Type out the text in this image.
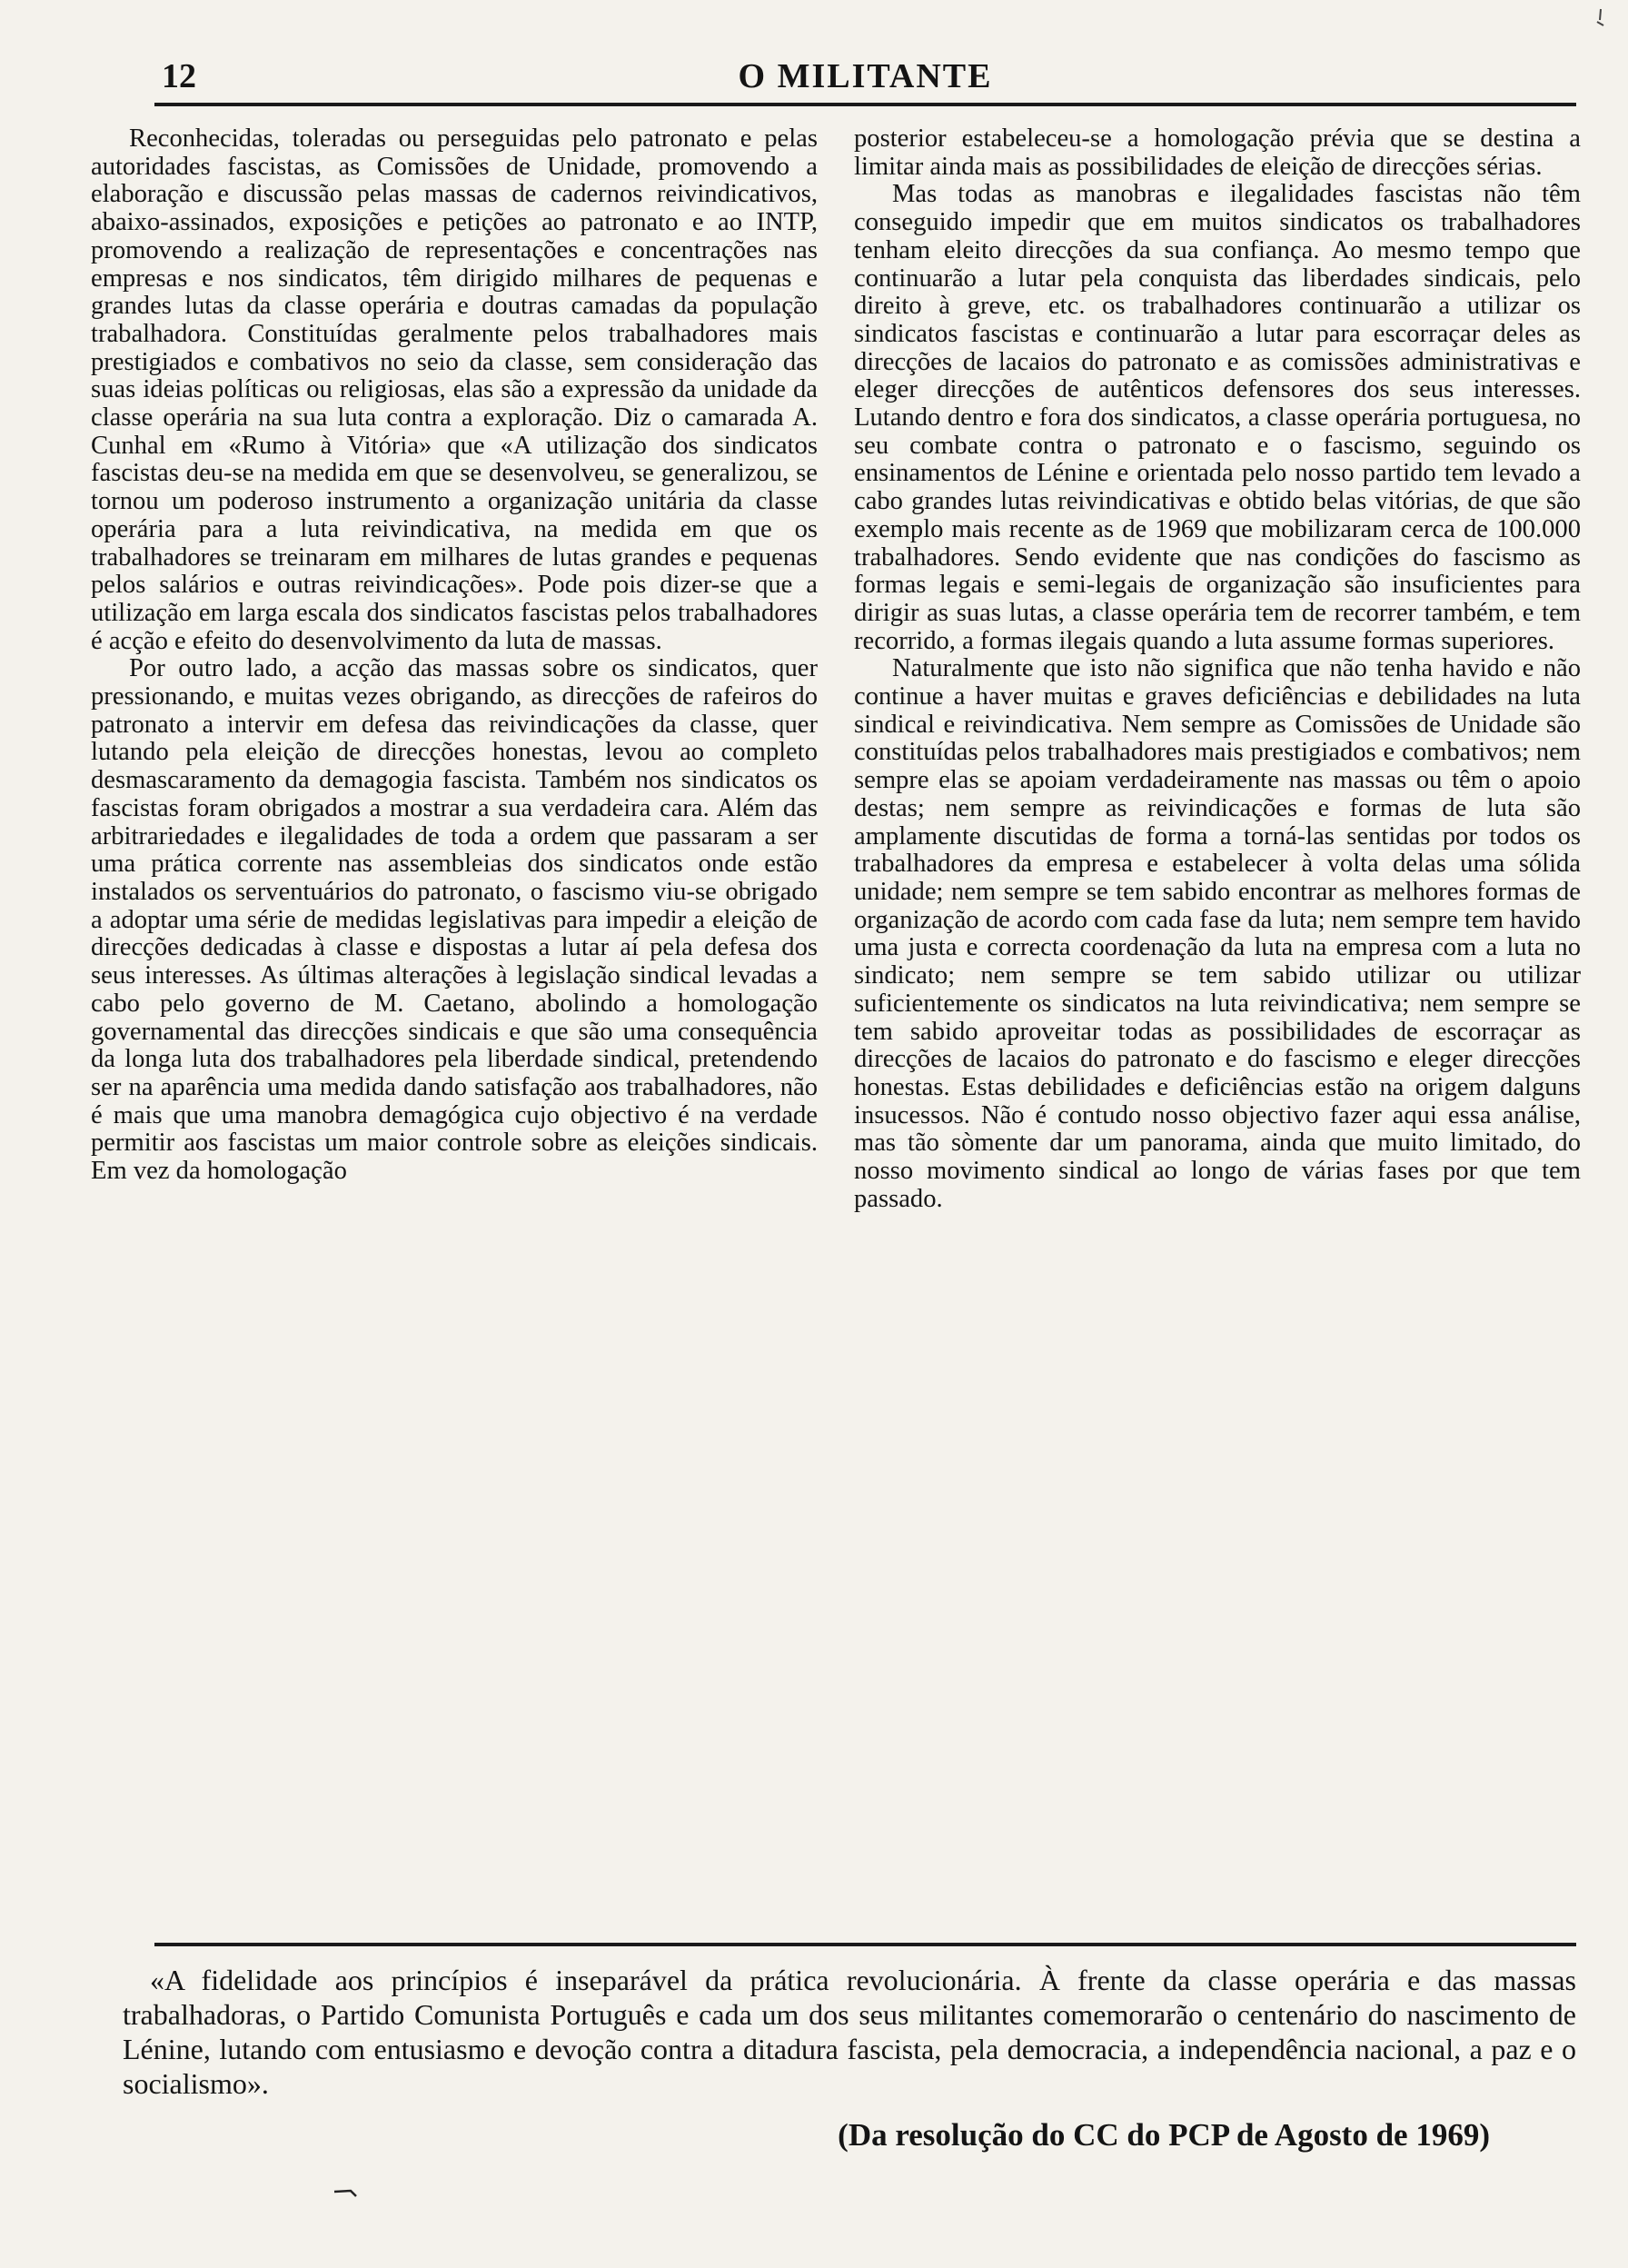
12	O MILITANTE

Reconhecidas, toleradas ou perseguidas pelo patronato e pelas autoridades fascistas, as Comissões de Unidade, promovendo a elaboração e discussão pelas massas de cadernos reivindicativos, abaixo-assinados, exposições e petições ao patronato e ao INTP, promovendo a realização de representações e concentrações nas empresas e nos sindicatos, têm dirigido milhares de pequenas e grandes lutas da classe operária e doutras camadas da população trabalhadora. Constituídas geralmente pelos trabalhadores mais prestigiados e combativos no seio da classe, sem consideração das suas ideias políticas ou religiosas, elas são a expressão da unidade da classe operária na sua luta contra a exploração. Diz o camarada A. Cunhal em «Rumo à Vitória» que «A utilização dos sindicatos fascistas deu-se na medida em que se desenvolveu, se generalizou, se tornou um poderoso instrumento a organização unitária da classe operária para a luta reivindicativa, na medida em que os trabalhadores se treinaram em milhares de lutas grandes e pequenas pelos salários e outras reivindicações». Pode pois dizer-se que a utilização em larga escala dos sindicatos fascistas pelos trabalhadores é acção e efeito do desenvolvimento da luta de massas.

Por outro lado, a acção das massas sobre os sindicatos, quer pressionando, e muitas vezes obrigando, as direcções de rafeiros do patronato a intervir em defesa das reivindicações da classe, quer lutando pela eleição de direcções honestas, levou ao completo desmascaramento da demagogia fascista. Também nos sindicatos os fascistas foram obrigados a mostrar a sua verdadeira cara. Além das arbitrariedades e ilegalidades de toda a ordem que passaram a ser uma prática corrente nas assembleias dos sindicatos onde estão instalados os serventuários do patronato, o fascismo viu-se obrigado a adoptar uma série de medidas legislativas para impedir a eleição de direcções dedicadas à classe e dispostas a lutar aí pela defesa dos seus interesses. As últimas alterações à legislação sindical levadas a cabo pelo governo de M. Caetano, abolindo a homologação governamental das direcções sindicais e que são uma consequência da longa luta dos trabalhadores pela liberdade sindical, pretendendo ser na aparência uma medida dando satisfação aos trabalhadores, não é mais que uma manobra demagógica cujo objectivo é na verdade permitir aos fascistas um maior controle sobre as eleições sindicais. Em vez da homologação

posterior estabeleceu-se a homologação prévia que se destina a limitar ainda mais as possibilidades de eleição de direcções sérias.

Mas todas as manobras e ilegalidades fascistas não têm conseguido impedir que em muitos sindicatos os trabalhadores tenham eleito direcções da sua confiança. Ao mesmo tempo que continuarão a lutar pela conquista das liberdades sindicais, pelo direito à greve, etc. os trabalhadores continuarão a utilizar os sindicatos fascistas e continuarão a lutar para escorraçar deles as direcções de lacaios do patronato e as comissões administrativas e eleger direcções de autênticos defensores dos seus interesses. Lutando dentro e fora dos sindicatos, a classe operária portuguesa, no seu combate contra o patronato e o fascismo, seguindo os ensinamentos de Lénine e orientada pelo nosso partido tem levado a cabo grandes lutas reivindicativas e obtido belas vitórias, de que são exemplo mais recente as de 1969 que mobilizaram cerca de 100.000 trabalhadores. Sendo evidente que nas condições do fascismo as formas legais e semi-legais de organização são insuficientes para dirigir as suas lutas, a classe operária tem de recorrer também, e tem recorrido, a formas ilegais quando a luta assume formas superiores.

Naturalmente que isto não significa que não tenha havido e não continue a haver muitas e graves deficiências e debilidades na luta sindical e reivindicativa. Nem sempre as Comissões de Unidade são constituídas pelos trabalhadores mais prestigiados e combativos; nem sempre elas se apoiam verdadeiramente nas massas ou têm o apoio destas; nem sempre as reivindicações e formas de luta são amplamente discutidas de forma a torná-las sentidas por todos os trabalhadores da empresa e estabelecer à volta delas uma sólida unidade; nem sempre se tem sabido encontrar as melhores formas de organização de acordo com cada fase da luta; nem sempre tem havido uma justa e correcta coordenação da luta na empresa com a luta no sindicato; nem sempre se tem sabido utilizar ou utilizar suficientemente os sindicatos na luta reivindicativa; nem sempre se tem sabido aproveitar todas as possibilidades de escorraçar as direcções de lacaios do patronato e do fascismo e eleger direcções honestas. Estas debilidades e deficiências estão na origem dalguns insucessos. Não é contudo nosso objectivo fazer aqui essa análise, mas tão sòmente dar um panorama, ainda que muito limitado, do nosso movimento sindical ao longo de várias fases por que tem passado.

«A fidelidade aos princípios é inseparável da prática revolucionária. À frente da classe operária e das massas trabalhadoras, o Partido Comunista Português e cada um dos seus militantes comemorarão o centenário do nascimento de Lénine, lutando com entusiasmo e devoção contra a ditadura fascista, pela democracia, a independência nacional, a paz e o socialismo».

(Da resolução do CC do PCP de Agosto de 1969)
